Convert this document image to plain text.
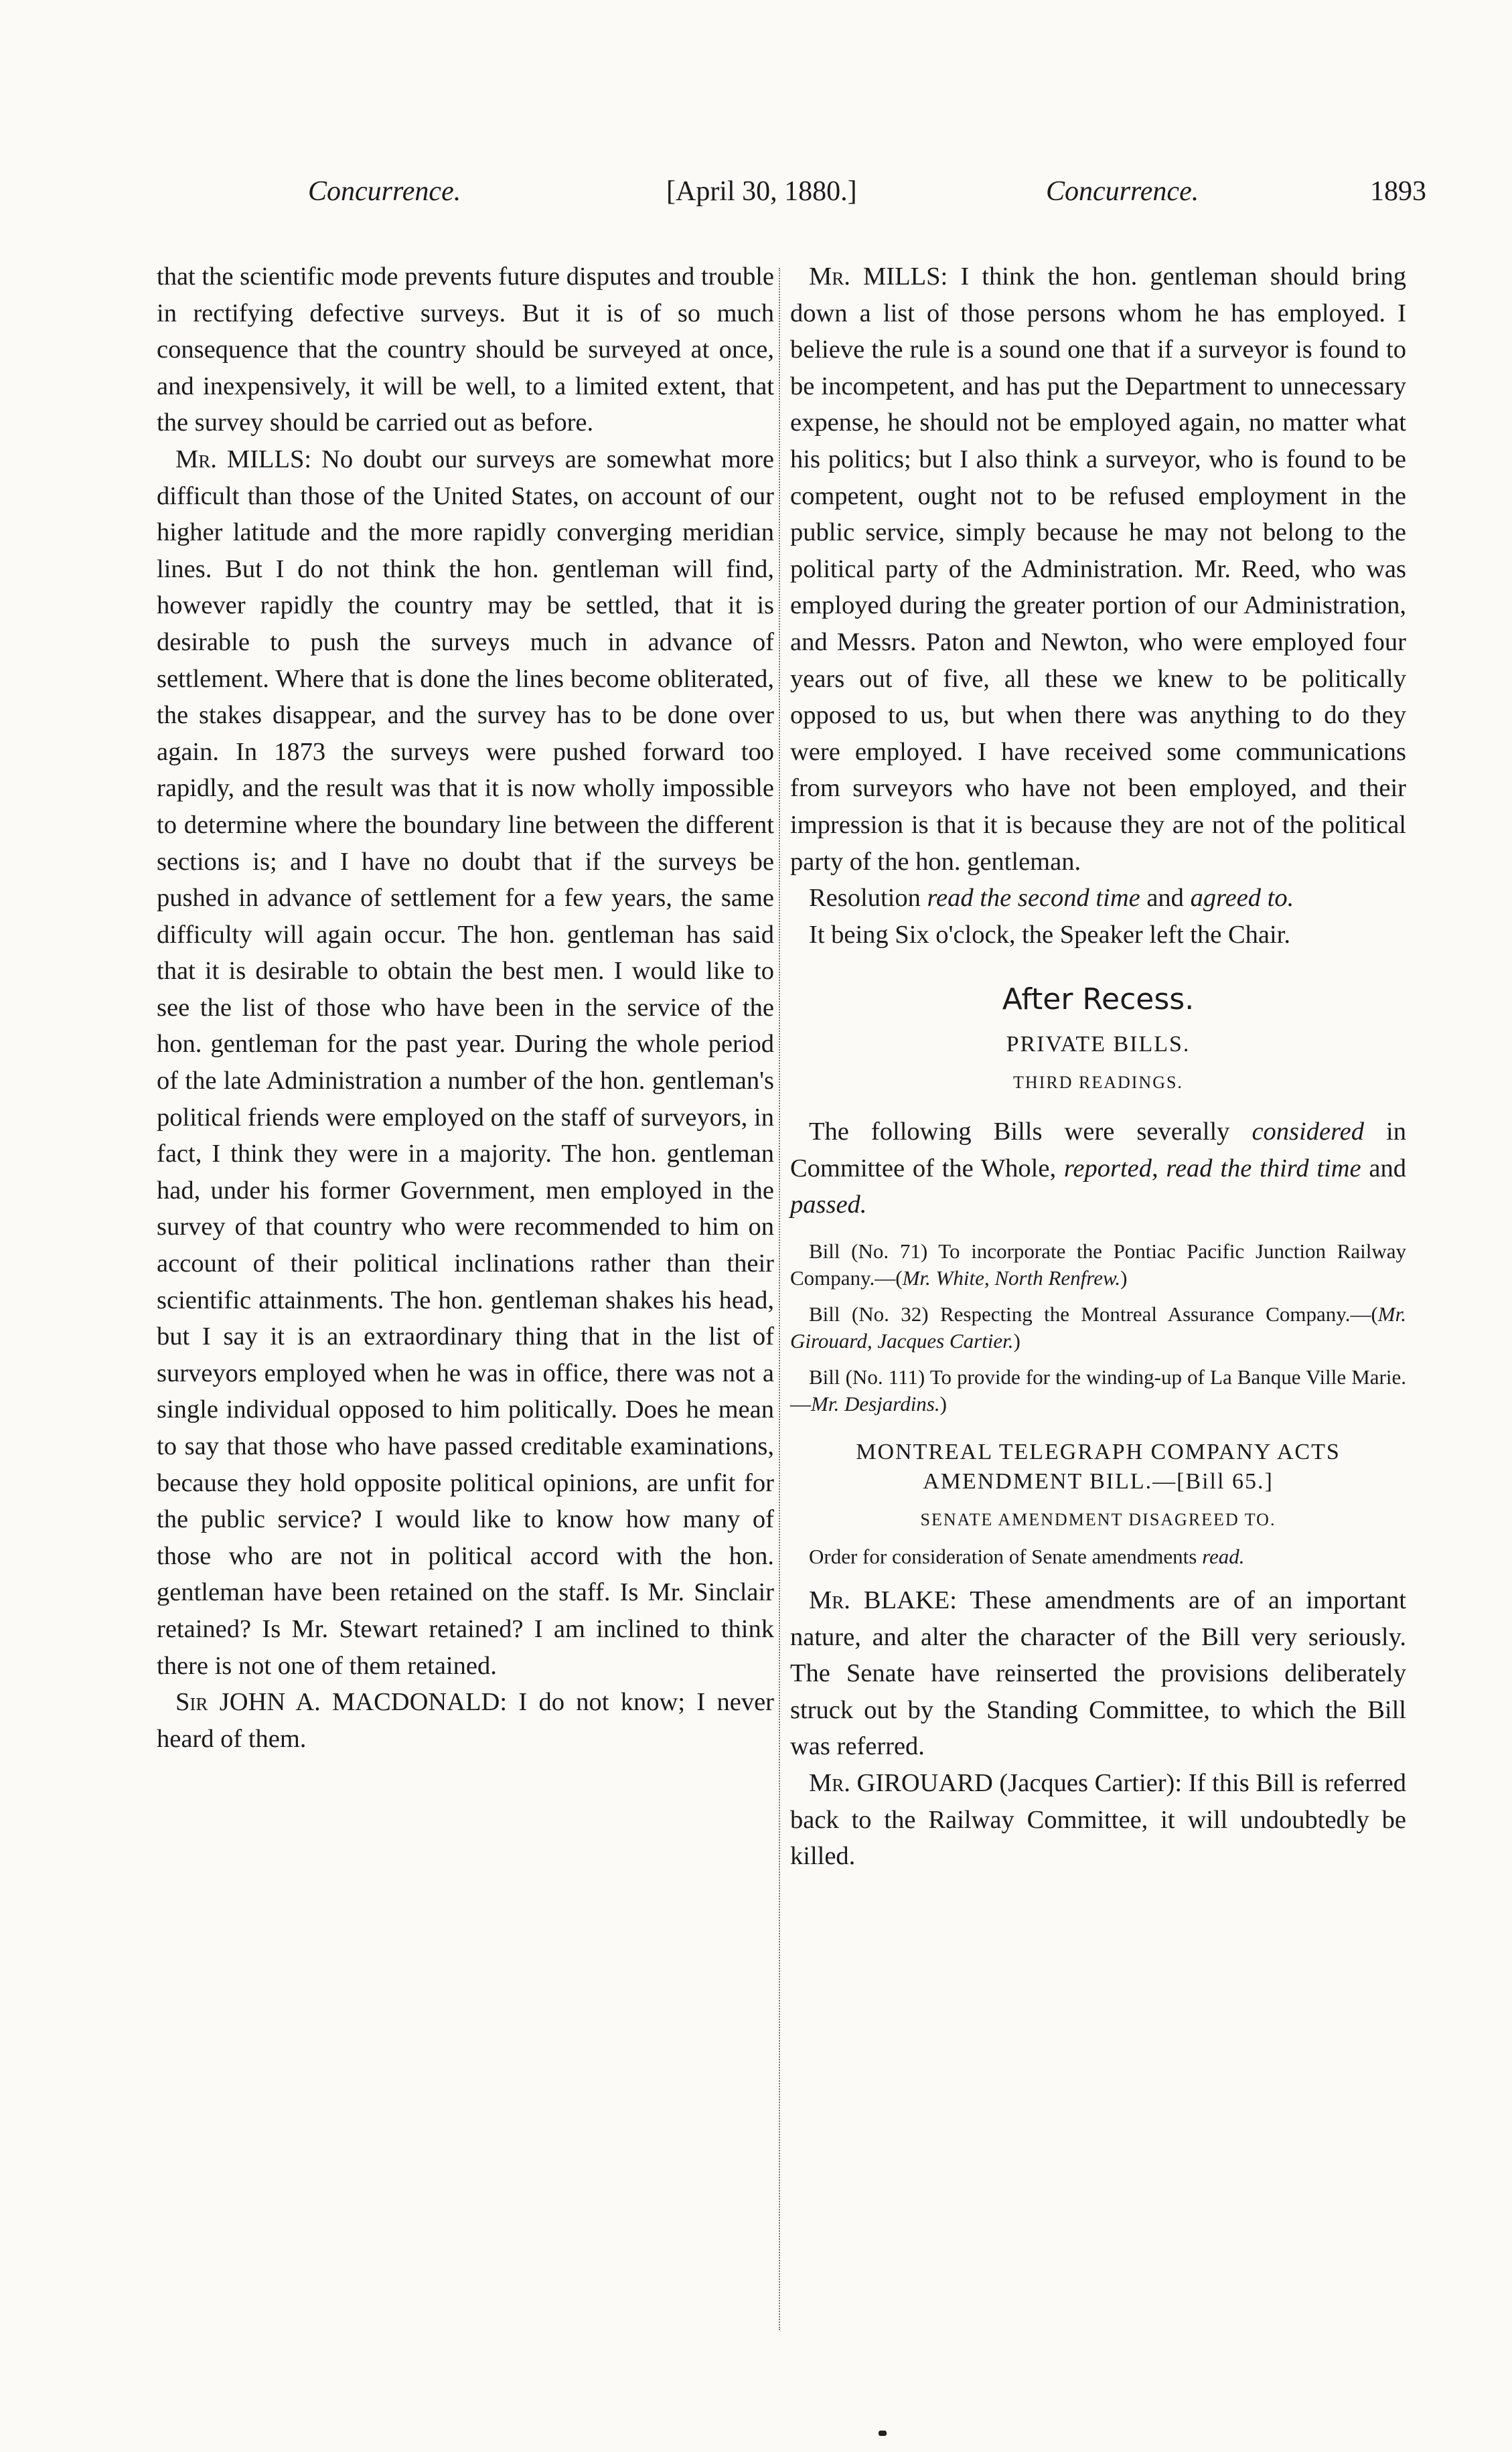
Concurrence.	[April 30, 1880.]	Concurrence.	1893

that the scientific mode prevents future disputes and trouble in rectifying defective surveys. But it is of so much consequence that the country should be surveyed at once, and inexpensively, it will be well, to a limited extent, that the survey should be carried out as before.

Mr. MILLS: No doubt our surveys are somewhat more difficult than those of the United States, on account of our higher latitude and the more rapidly converging meridian lines. But I do not think the hon. gentleman will find, however rapidly the country may be settled, that it is desirable to push the surveys much in advance of settlement. Where that is done the lines become obliterated, the stakes disappear, and the survey has to be done over again. In 1873 the surveys were pushed forward too rapidly, and the result was that it is now wholly impossible to determine where the boundary line between the different sections is; and I have no doubt that if the surveys be pushed in advance of settlement for a few years, the same difficulty will again occur. The hon. gentleman has said that it is desirable to obtain the best men. I would like to see the list of those who have been in the service of the hon. gentleman for the past year. During the whole period of the late Administration a number of the hon. gentleman's political friends were employed on the staff of surveyors, in fact, I think they were in a majority. The hon. gentleman had, under his former Government, men employed in the survey of that country who were recommended to him on account of their political inclinations rather than their scientific attainments. The hon. gentleman shakes his head, but I say it is an extraordinary thing that in the list of surveyors employed when he was in office, there was not a single individual opposed to him politically. Does he mean to say that those who have passed creditable examinations, because they hold opposite political opinions, are unfit for the public service? I would like to know how many of those who are not in political accord with the hon. gentleman have been retained on the staff. Is Mr. Sinclair retained? Is Mr. Stewart retained? I am inclined to think there is not one of them retained.

Sir JOHN A. MACDONALD: I do not know; I never heard of them.

Mr. MILLS: I think the hon. gentleman should bring down a list of those persons whom he has employed. I believe the rule is a sound one that if a surveyor is found to be incompetent, and has put the Department to unnecessary expense, he should not be employed again, no matter what his politics; but I also think a surveyor, who is found to be competent, ought not to be refused employment in the public service, simply because he may not belong to the political party of the Administration. Mr. Reed, who was employed during the greater portion of our Administration, and Messrs. Paton and Newton, who were employed four years out of five, all these we knew to be politically opposed to us, but when there was anything to do they were employed. I have received some communications from surveyors who have not been employed, and their impression is that it is because they are not of the political party of the hon. gentleman.

Resolution read the second time and agreed to.

It being Six o'clock, the Speaker left the Chair.

After Recess.
PRIVATE BILLS.
THIRD READINGS.

The following Bills were severally considered in Committee of the Whole, reported, read the third time and passed.

Bill (No. 71) To incorporate the Pontiac Pacific Junction Railway Company.—(Mr. White, North Renfrew.)
Bill (No. 32) Respecting the Montreal Assurance Company.—(Mr. Girouard, Jacques Cartier.)
Bill (No. 111) To provide for the winding-up of La Banque Ville Marie.—Mr. Desjardins.)
MONTREAL TELEGRAPH COMPANY ACTS AMENDMENT BILL.—[Bill 65.]
SENATE AMENDMENT DISAGREED TO.
Order for consideration of Senate amendments read.

Mr. BLAKE: These amendments are of an important nature, and alter the character of the Bill very seriously. The Senate have reinserted the provisions deliberately struck out by the Standing Committee, to which the Bill was referred.

Mr. GIROUARD (Jacques Cartier): If this Bill is referred back to the Railway Committee, it will undoubtedly be killed.
